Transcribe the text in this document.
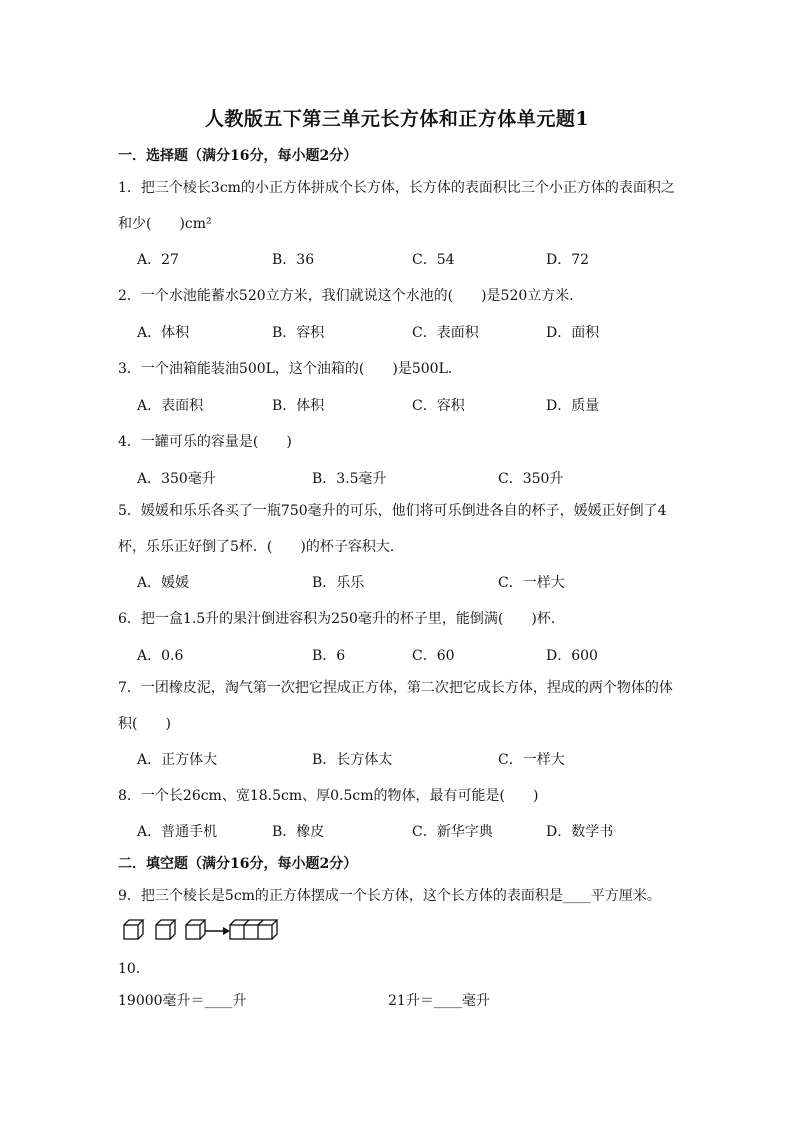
人教版五下第三单元长方体和正方体单元题1
一．选择题（满分16分，每小题2分）
1．把三个棱长3cm的小正方体拼成个长方体，长方体的表面积比三个小正方体的表面积之
和少(　　)cm²
A．27	B．36	C．54	D．72
2．一个水池能蓄水520立方米，我们就说这个水池的(　　)是520立方米．
A．体积	B．容积	C．表面积	D．面积
3．一个油箱能装油500L，这个油箱的(　　)是500L．
A．表面积	B．体积	C．容积	D．质量
4．一罐可乐的容量是(　　)
A．350毫升	B．3.5毫升	C．350升
5．媛媛和乐乐各买了一瓶750毫升的可乐，他们将可乐倒进各自的杯子，媛媛正好倒了4
杯，乐乐正好倒了5杯．(　　)的杯子容积大．
A．媛媛	B．乐乐	C．一样大
6．把一盒1.5升的果汁倒进容积为250毫升的杯子里，能倒满(　　)杯．
A．0.6	B．6	C．60	D．600
7．一团橡皮泥，淘气第一次把它捏成正方体，第二次把它成长方体，捏成的两个物体的体
积(　　)
A．正方体大	B．长方体太	C．一样大
8．一个长26cm、宽18.5cm、厚0.5cm的物体，最有可能是(　　)
A．普通手机	B．橡皮	C．新华字典	D．数学书
二．填空题（满分16分，每小题2分）
9．把三个棱长是5cm的正方体摆成一个长方体，这个长方体的表面积是____平方厘米。
10．
19000毫升＝____升	21升＝____毫升
